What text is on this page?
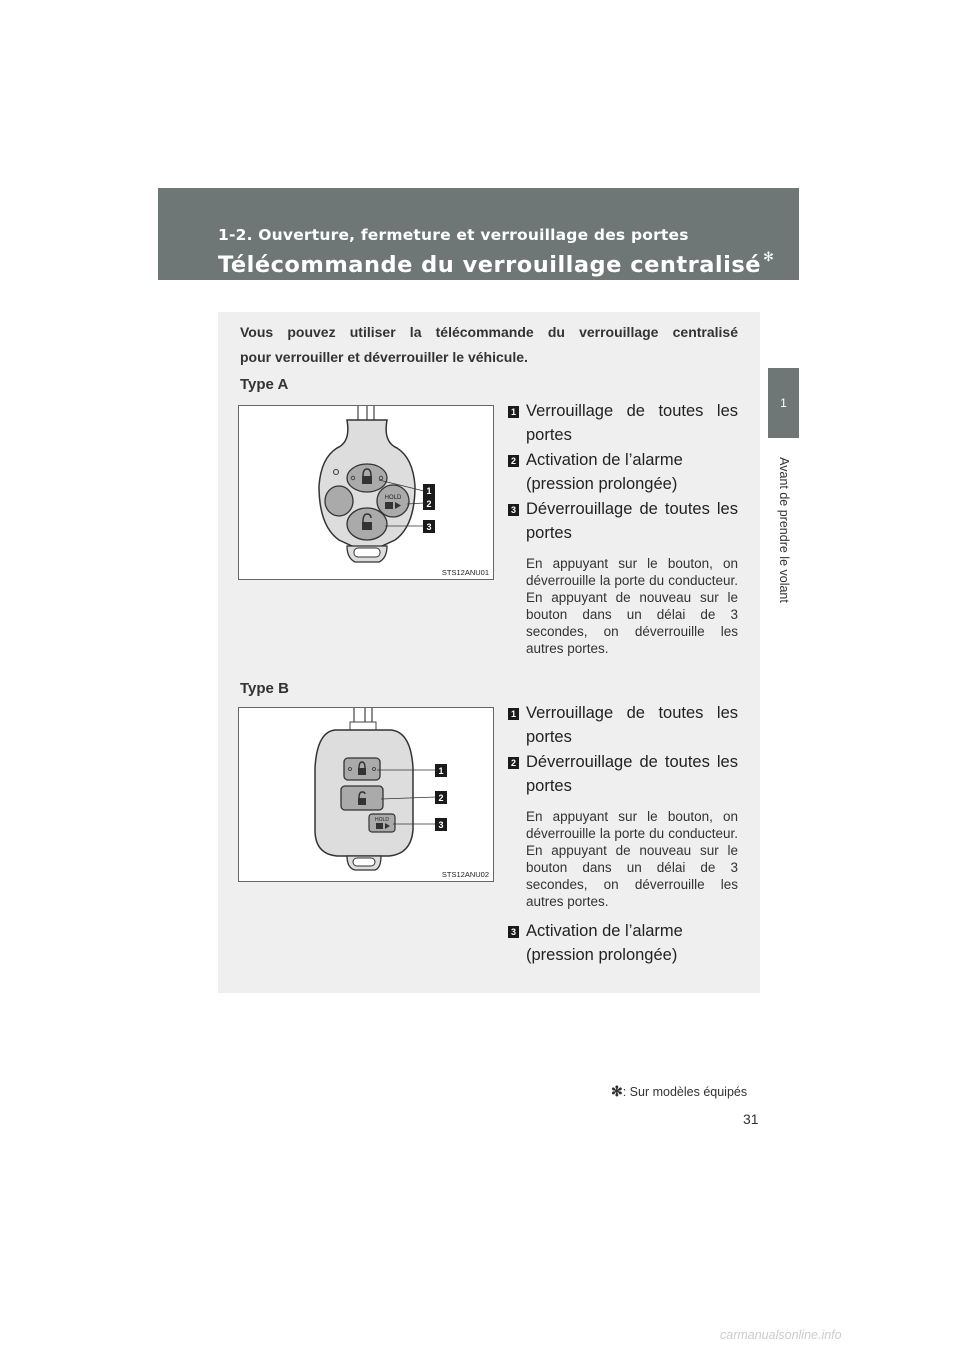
1-2. Ouverture, fermeture et verrouillage des portes
Télécommande du verrouillage centralisé ✻
1
Avant de prendre le volant
Vous pouvez utiliser la télécommande du verrouillage centralisé
pour verrouiller et déverrouiller le véhicule.
Type A
HOLD
1
2
3
STS12ANU01
1 Verrouillage de toutes les
portes
2 Activation de l’alarme
(pression prolongée)
3 Déverrouillage de toutes les
portes
En appuyant sur le bouton, on déverrouille la porte du conducteur. En appuyant de nouveau sur le bouton dans un délai de 3 secondes, on déverrouille les autres portes.
Type B
HOLD
1
2
3
STS12ANU02
1 Verrouillage de toutes les
portes
2 Déverrouillage de toutes les
portes
En appuyant sur le bouton, on déverrouille la porte du conducteur. En appuyant de nouveau sur le bouton dans un délai de 3 secondes, on déverrouille les autres portes.
3 Activation de l’alarme
(pression prolongée)
✻: Sur modèles équipés
31
carmanualsonline.info
